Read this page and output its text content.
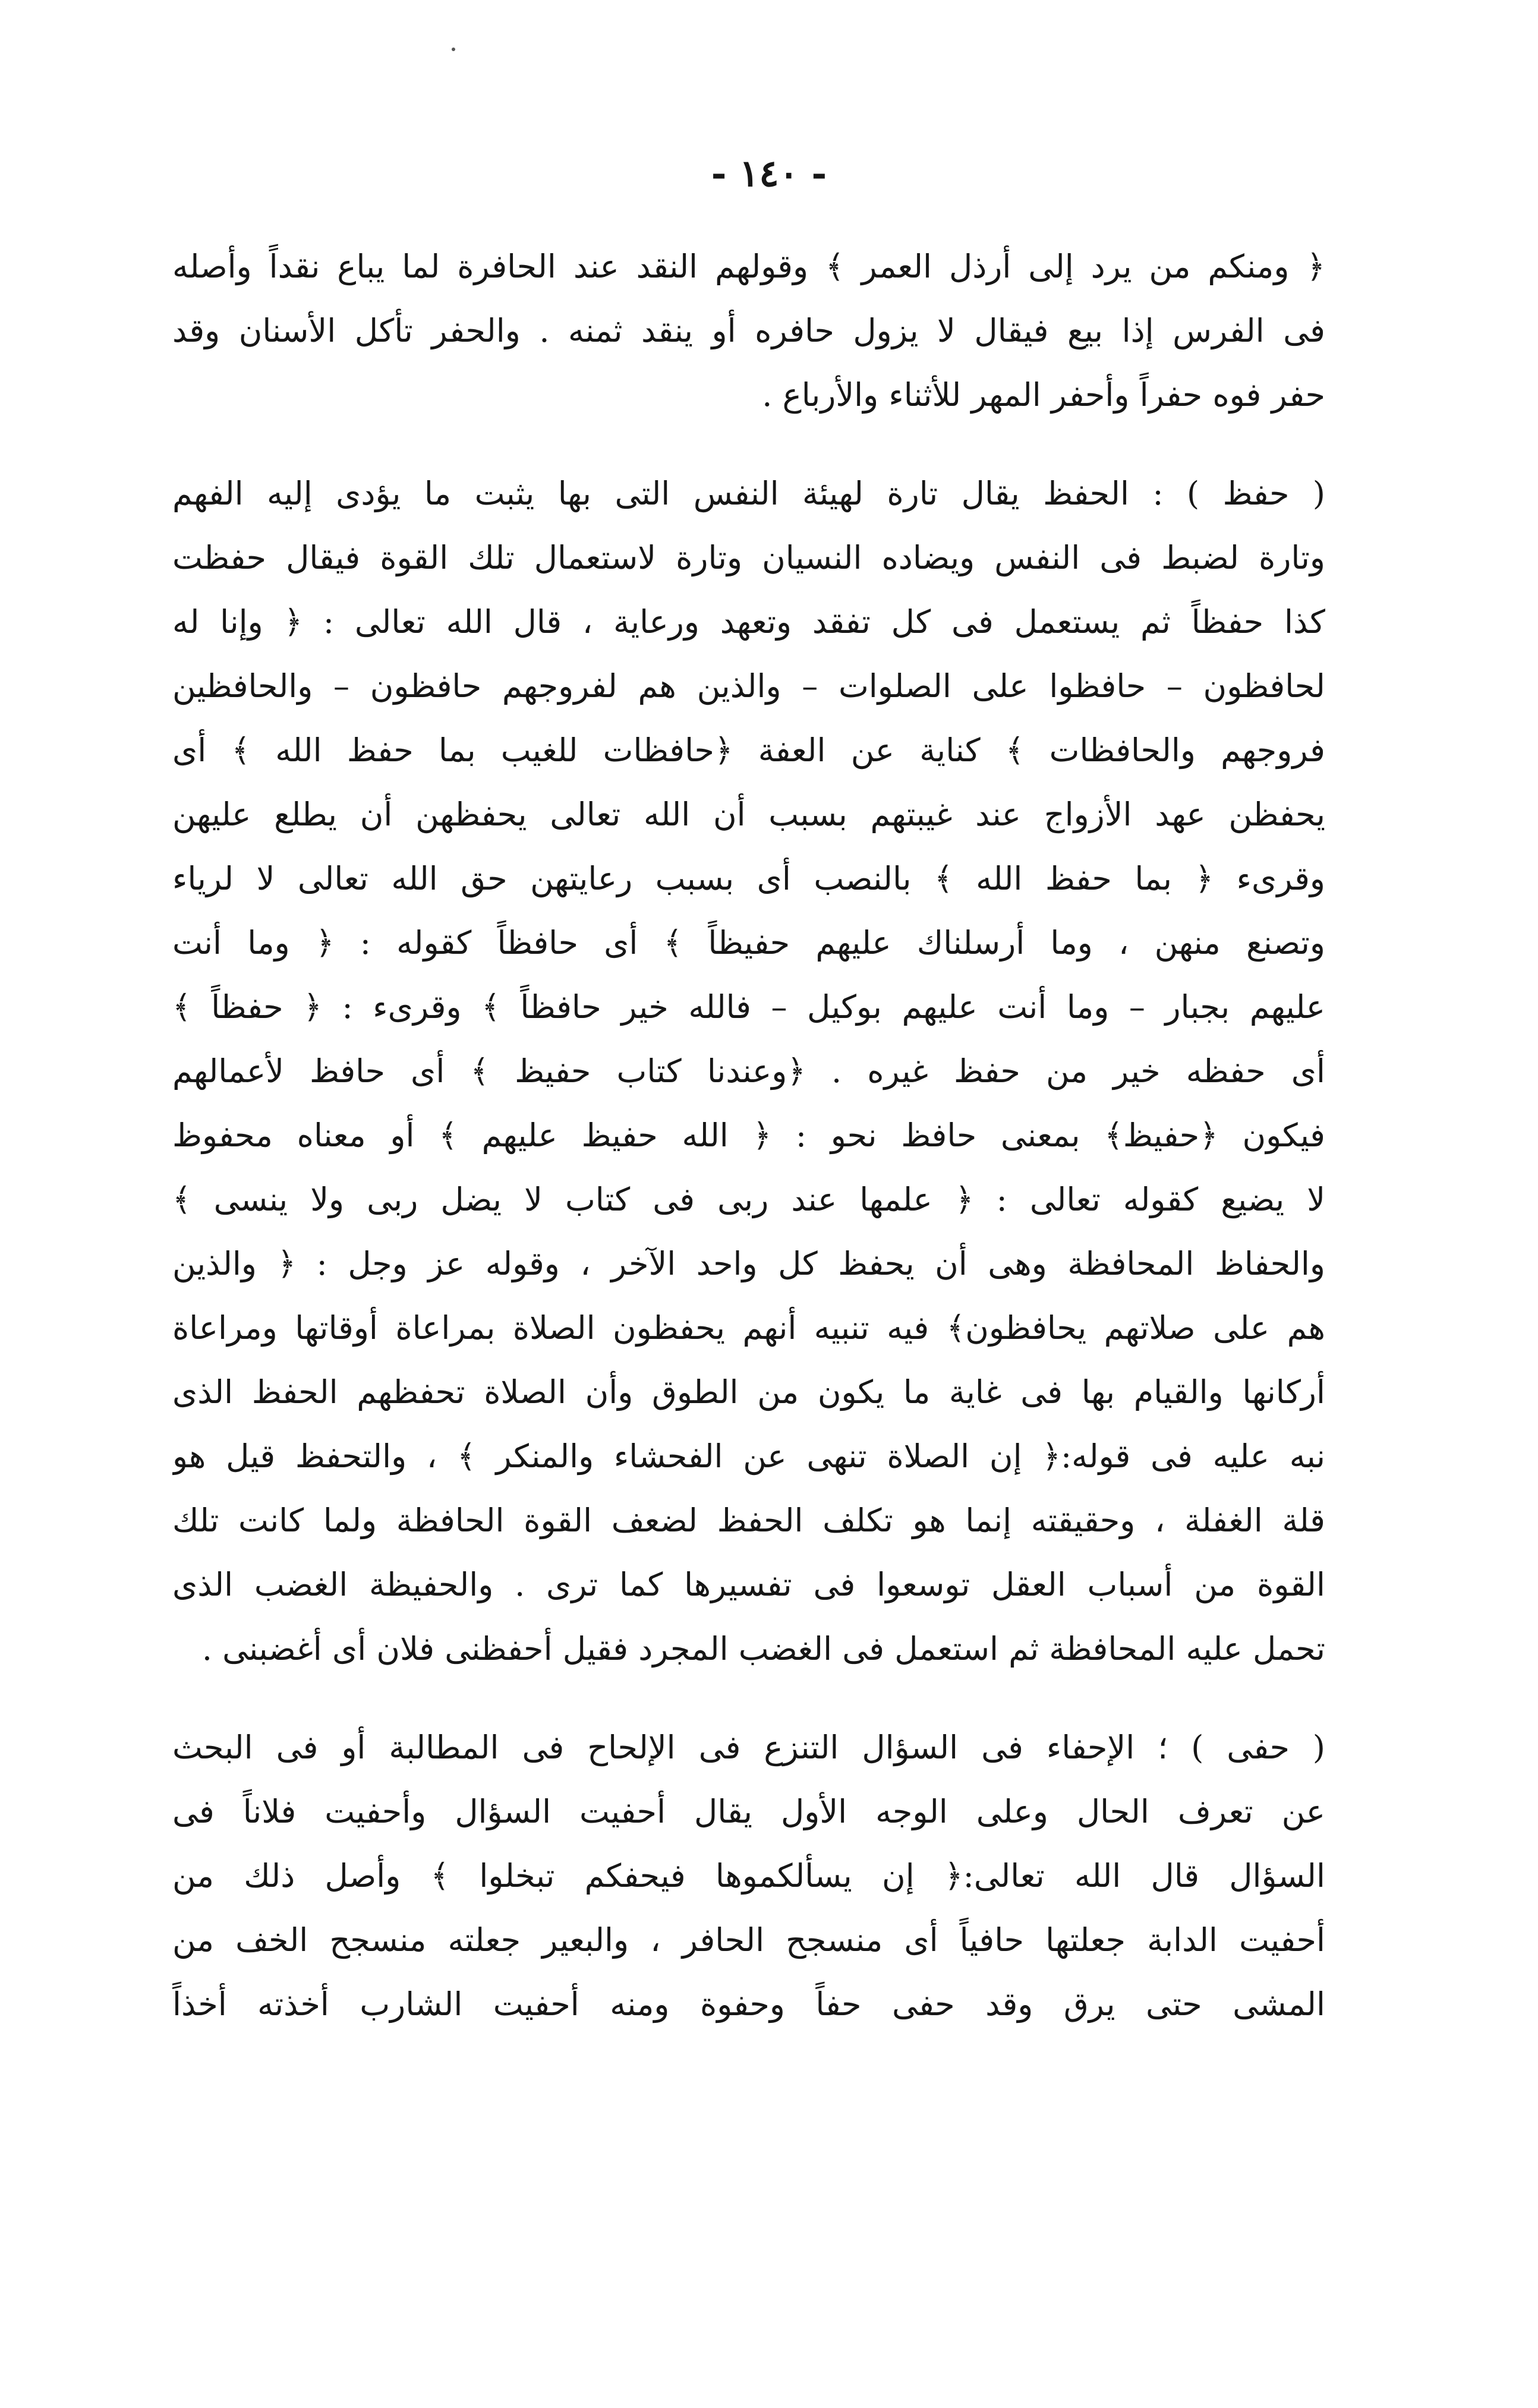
- ١٤٠ -
﴿ ومنكم من يرد إلى أرذل العمر ﴾ وقولهم النقد عند الحافرة لما يباع نقداً وأصله
فى الفرس إذا بيع فيقال لا يزول حافره أو ينقد ثمنه . والحفر تأكل الأسنان وقد
حفر فوه حفراً وأحفر المهر للأثناء والأرباع .
( حفظ ) : الحفظ يقال تارة لهيئة النفس التى بها يثبت ما يؤدى إليه الفهم
وتارة لضبط فى النفس ويضاده النسيان وتارة لاستعمال تلك القوة فيقال حفظت
كذا حفظاً ثم يستعمل فى كل تفقد وتعهد ورعاية ، قال الله تعالى : ﴿ وإنا له
لحافظون – حافظوا على الصلوات – والذين هم لفروجهم حافظون – والحافظين
فروجهم والحافظات ﴾ كناية عن العفة ﴿حافظات للغيب بما حفظ الله ﴾ أى
يحفظن عهد الأزواج عند غيبتهم بسبب أن الله تعالى يحفظهن أن يطلع عليهن
وقرىء ﴿ بما حفظ الله ﴾ بالنصب أى بسبب رعايتهن حق الله تعالى لا لرياء
وتصنع منهن ، وما أرسلناك عليهم حفيظاً ﴾ أى حافظاً كقوله : ﴿ وما أنت
عليهم بجبار – وما أنت عليهم بوكيل – فالله خير حافظاً ﴾ وقرىء : ﴿ حفظاً ﴾
أى حفظه خير من حفظ غيره . ﴿وعندنا كتاب حفيظ ﴾ أى حافظ لأعمالهم
فيكون ﴿حفيظ﴾ بمعنى حافظ نحو : ﴿ الله حفيظ عليهم ﴾ أو معناه محفوظ
لا يضيع كقوله تعالى : ﴿ علمها عند ربى فى كتاب لا يضل ربى ولا ينسى ﴾
والحفاظ المحافظة وهى أن يحفظ كل واحد الآخر ، وقوله عز وجل : ﴿ والذين
هم على صلاتهم يحافظون﴾ فيه تنبيه أنهم يحفظون الصلاة بمراعاة أوقاتها ومراعاة
أركانها والقيام بها فى غاية ما يكون من الطوق وأن الصلاة تحفظهم الحفظ الذى
نبه عليه فى قوله:﴿ إن الصلاة تنهى عن الفحشاء والمنكر ﴾ ، والتحفظ قيل هو
قلة الغفلة ، وحقيقته إنما هو تكلف الحفظ لضعف القوة الحافظة ولما كانت تلك
القوة من أسباب العقل توسعوا فى تفسيرها كما ترى . والحفيظة الغضب الذى
تحمل عليه المحافظة ثم استعمل فى الغضب المجرد فقيل أحفظنى فلان أى أغضبنى .
( حفى ) ؛ الإحفاء فى السؤال التنزع فى الإلحاح فى المطالبة أو فى البحث
عن تعرف الحال وعلى الوجه الأول يقال أحفيت السؤال وأحفيت فلاناً فى
السؤال قال الله تعالى:﴿ إن يسألكموها فيحفكم تبخلوا ﴾ وأصل ذلك من
أحفيت الدابة جعلتها حافياً أى منسجح الحافر ، والبعير جعلته منسجح الخف من
المشى حتى يرق وقد حفى حفاً وحفوة ومنه أحفيت الشارب أخذته أخذاً
